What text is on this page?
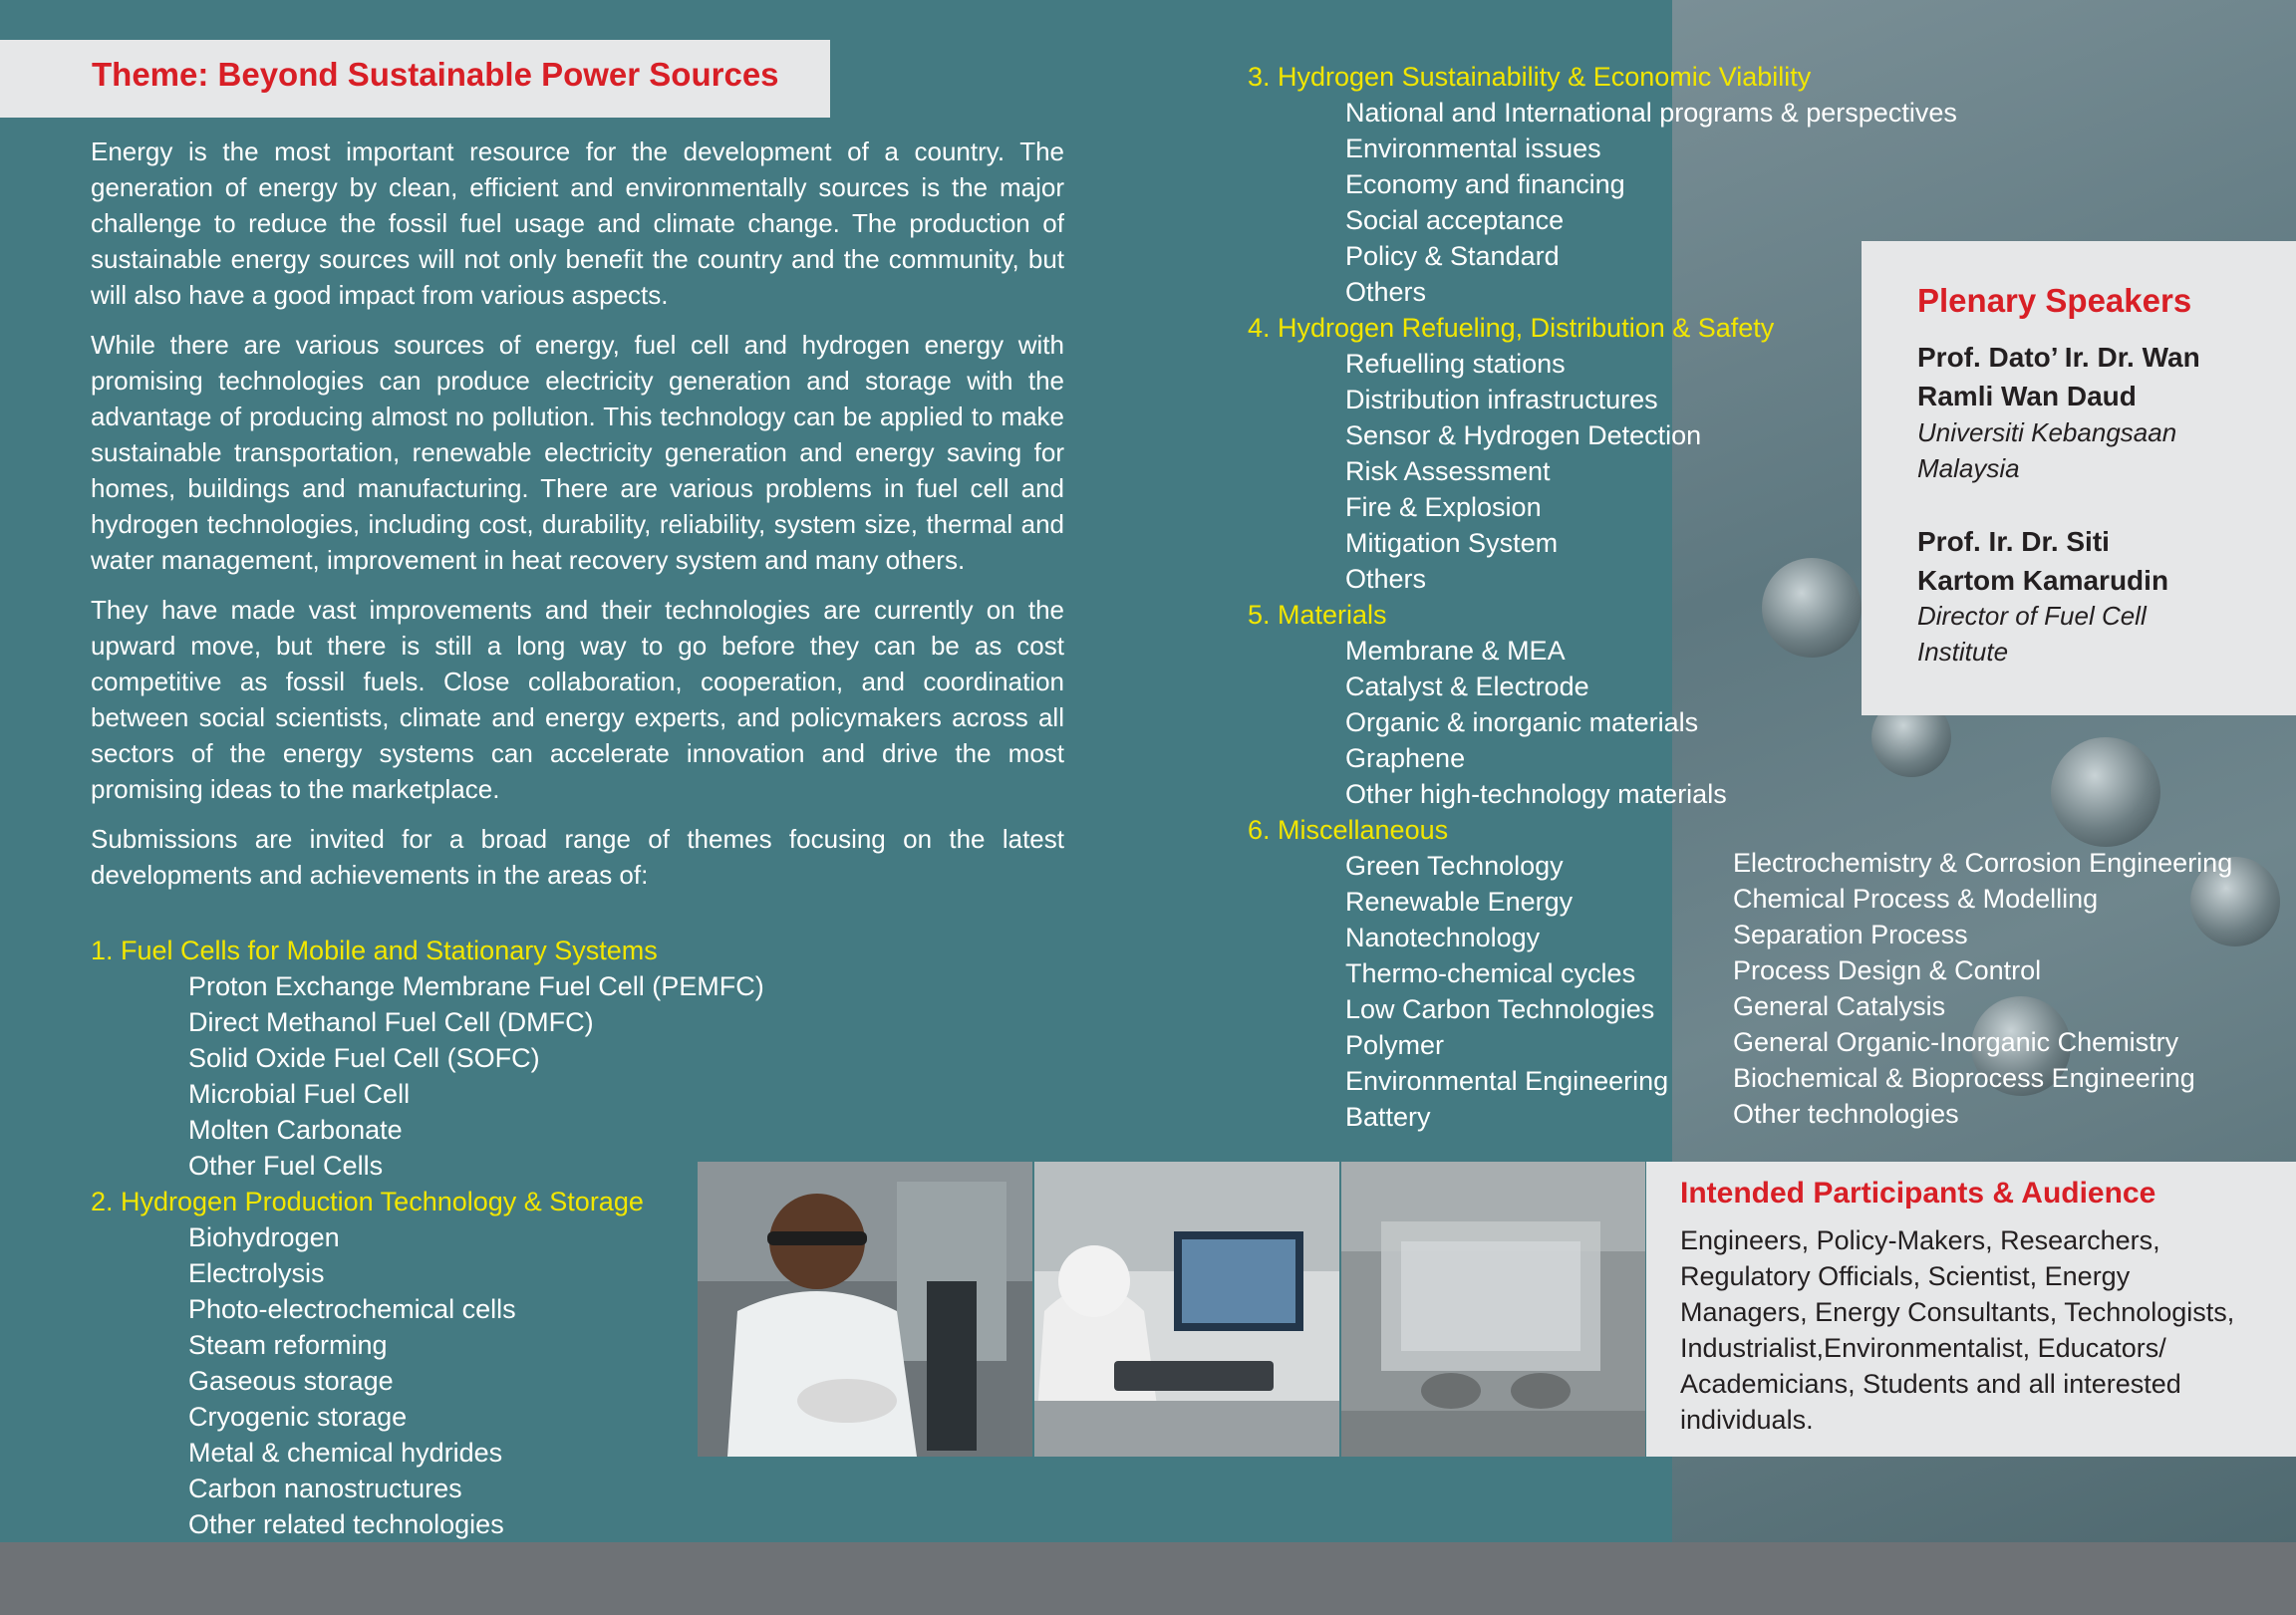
Theme: Beyond Sustainable Power Sources

Energy is the most important resource for the development of a country. The generation of energy by clean, efficient and environmentally sources is the major challenge to reduce the fossil fuel usage and climate change. The production of sustainable energy sources will not only benefit the country and the community, but will also have a good impact from various aspects.

While there are various sources of energy, fuel cell and hydrogen energy with promising technologies can produce electricity generation and storage with the advantage of producing almost no pollution. This technology can be applied to make sustainable transportation, renewable electricity generation and energy saving for homes, buildings and manufacturing. There are various problems in fuel cell and hydrogen technologies, including cost, durability, reliability, system size, thermal and water management, improvement in heat recovery system and many others.

They have made vast improvements and their technologies are currently on the upward move, but there is still a long way to go before they can be as cost competitive as fossil fuels. Close collaboration, cooperation, and coordination between social scientists, climate and energy experts, and policymakers across all sectors of the energy systems can accelerate innovation and drive the most promising ideas to the marketplace.

Submissions are invited for a broad range of themes focusing on the latest developments and achievements in the areas of:

1. Fuel Cells for Mobile and Stationary Systems
Proton Exchange Membrane Fuel Cell (PEMFC)
Direct Methanol Fuel Cell (DMFC)
Solid Oxide Fuel Cell (SOFC)
Microbial Fuel Cell
Molten Carbonate
Other Fuel Cells
2. Hydrogen Production Technology & Storage
Biohydrogen
Electrolysis
Photo-electrochemical cells
Steam reforming
Gaseous storage
Cryogenic storage
Metal & chemical hydrides
Carbon nanostructures
Other related technologies
3. Hydrogen Sustainability & Economic Viability
National and International programs & perspectives
Environmental issues
Economy and financing
Social acceptance
Policy & Standard
Others
4. Hydrogen Refueling, Distribution & Safety
Refuelling stations
Distribution infrastructures
Sensor & Hydrogen Detection
Risk Assessment
Fire & Explosion
Mitigation System
Others
5. Materials
Membrane & MEA
Catalyst & Electrode
Organic & inorganic materials
Graphene
Other high-technology materials
6. Miscellaneous
Green Technology
Renewable Energy
Nanotechnology
Thermo-chemical cycles
Low Carbon Technologies
Polymer
Environmental Engineering
Battery
Electrochemistry & Corrosion Engineering
Chemical Process & Modelling
Separation Process
Process Design & Control
General Catalysis
General Organic-Inorganic Chemistry
Biochemical & Bioprocess Engineering
Other technologies
Plenary Speakers
Prof. Dato’ Ir. Dr. Wan
Ramli Wan Daud
Universiti Kebangsaan
Malaysia
Prof. Ir. Dr. Siti
Kartom Kamarudin
Director of Fuel Cell
Institute
Intended Participants & Audience
Engineers, Policy-Makers, Researchers,
Regulatory Officials, Scientist, Energy
Managers, Energy Consultants, Technologists,
Industrialist,Environmentalist, Educators/
Academicians, Students and all interested
individuals.
